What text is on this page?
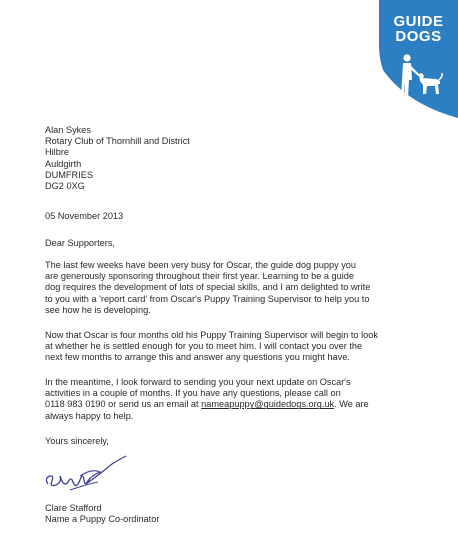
GUIDE
DOGS
Alan Sykes
Rotary Club of Thornhill and District
Hilbre
Auldgirth
DUMFRIES
DG2 0XG
05 November 2013
Dear Supporters,
The last few weeks have been very busy for Oscar, the guide dog puppy you
are generously sponsoring throughout their first year. Learning to be a guide
dog requires the development of lots of special skills, and I am delighted to write
to you with a 'report card' from Oscar's Puppy Training Supervisor to help you to
see how he is developing.
Now that Oscar is four months old his Puppy Training Supervisor will begin to look
at whether he is settled enough for you to meet him. I will contact you over the
next few months to arrange this and answer any questions you might have.
In the meantime, I look forward to sending you your next update on Oscar's
activities in a couple of months. If you have any questions, please call on
0118 983 0190 or send us an email at nameapuppy@guidedogs.org.uk. We are
always happy to help.
Yours sincerely,
Clare Stafford
Name a Puppy Co-ordinator
